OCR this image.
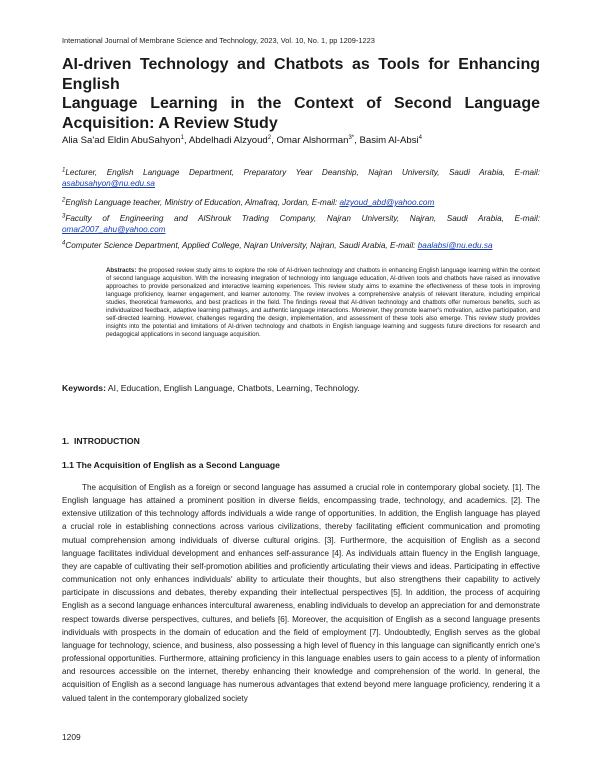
International Journal of Membrane Science and Technology, 2023, Vol. 10, No. 1, pp 1209-1223
AI-driven Technology and Chatbots as Tools for Enhancing English
Language Learning in the Context of Second Language
Acquisition: A Review Study
Alia Sa'ad Eldin AbuSahyon$^1$, Abdelhadi Alzyoud$^2$, Omar Alshorman$^{3*}$, Basim Al-Absi$^4$
$^1$Lecturer, English Language Department, Preparatory Year Deanship, Najran University, Saudi Arabia, E-mail: asabusahyon@nu.edu.sa
$^2$English Language teacher, Ministry of Education, Almafraq, Jordan, E-mail: alzyoud_abd@yahoo.com
$^3$Faculty of Engineering and AlShrouk Trading Company, Najran University, Najran, Saudi Arabia, E-mail: omar2007_ahu@yahoo.com
$^4$Computer Science Department, Applied College, Najran University, Najran, Saudi Arabia, E-mail: baalabsi@nu.edu.sa
Abstracts: the proposed review study aims to explore the role of AI-driven technology and chatbots in enhancing English language learning within the context of second language acquisition. With the increasing integration of technology into language education, AI-driven tools and chatbots have raised as innovative approaches to provide personalized and interactive learning experiences. This review study aims to examine the effectiveness of these tools in improving language proficiency, learner engagement, and learner autonomy. The review involves a comprehensive analysis of relevant literature, including empirical studies, theoretical frameworks, and best practices in the field. The findings reveal that AI-driven technology and chatbots offer numerous benefits, such as individualized feedback, adaptive learning pathways, and authentic language interactions. Moreover, they promote learner's motivation, active participation, and self-directed learning. However, challenges regarding the design, implementation, and assessment of these tools also emerge. This review study provides insights into the potential and limitations of AI-driven technology and chatbots in English language learning and suggests future directions for research and pedagogical applications in second language acquisition.
Keywords: AI, Education, English Language, Chatbots, Learning, Technology.
1.  INTRODUCTION
1.1 The Acquisition of English as a Second Language

The acquisition of English as a foreign or second language has assumed a crucial role in contemporary global society. [1]. The English language has attained a prominent position in diverse fields, encompassing trade, technology, and academics. [2]. The extensive utilization of this technology affords individuals a wide range of opportunities. In addition, the English language has played a crucial role in establishing connections across various civilizations, thereby facilitating efficient communication and promoting mutual comprehension among individuals of diverse cultural origins. [3]. Furthermore, the acquisition of English as a second language facilitates individual development and enhances self-assurance [4]. As individuals attain fluency in the English language, they are capable of cultivating their self-promotion abilities and proficiently articulating their views and ideas. Participating in effective communication not only enhances individuals' ability to articulate their thoughts, but also strengthens their capability to actively participate in discussions and debates, thereby expanding their intellectual perspectives [5]. In addition, the process of acquiring English as a second language enhances intercultural awareness, enabling individuals to develop an appreciation for and demonstrate respect towards diverse perspectives, cultures, and beliefs [6]. Moreover, the acquisition of English as a second language presents individuals with prospects in the domain of education and the field of employment [7]. Undoubtedly, English serves as the global language for technology, science, and business, also possessing a high level of fluency in this language can significantly enrich one's professional opportunities. Furthermore, attaining proficiency in this language enables users to gain access to a plenty of information and resources accessible on the internet, thereby enhancing their knowledge and comprehension of the world. In general, the acquisition of English as a second language has numerous advantages that extend beyond mere language proficiency, rendering it a valued talent in the contemporary globalized society

1209
